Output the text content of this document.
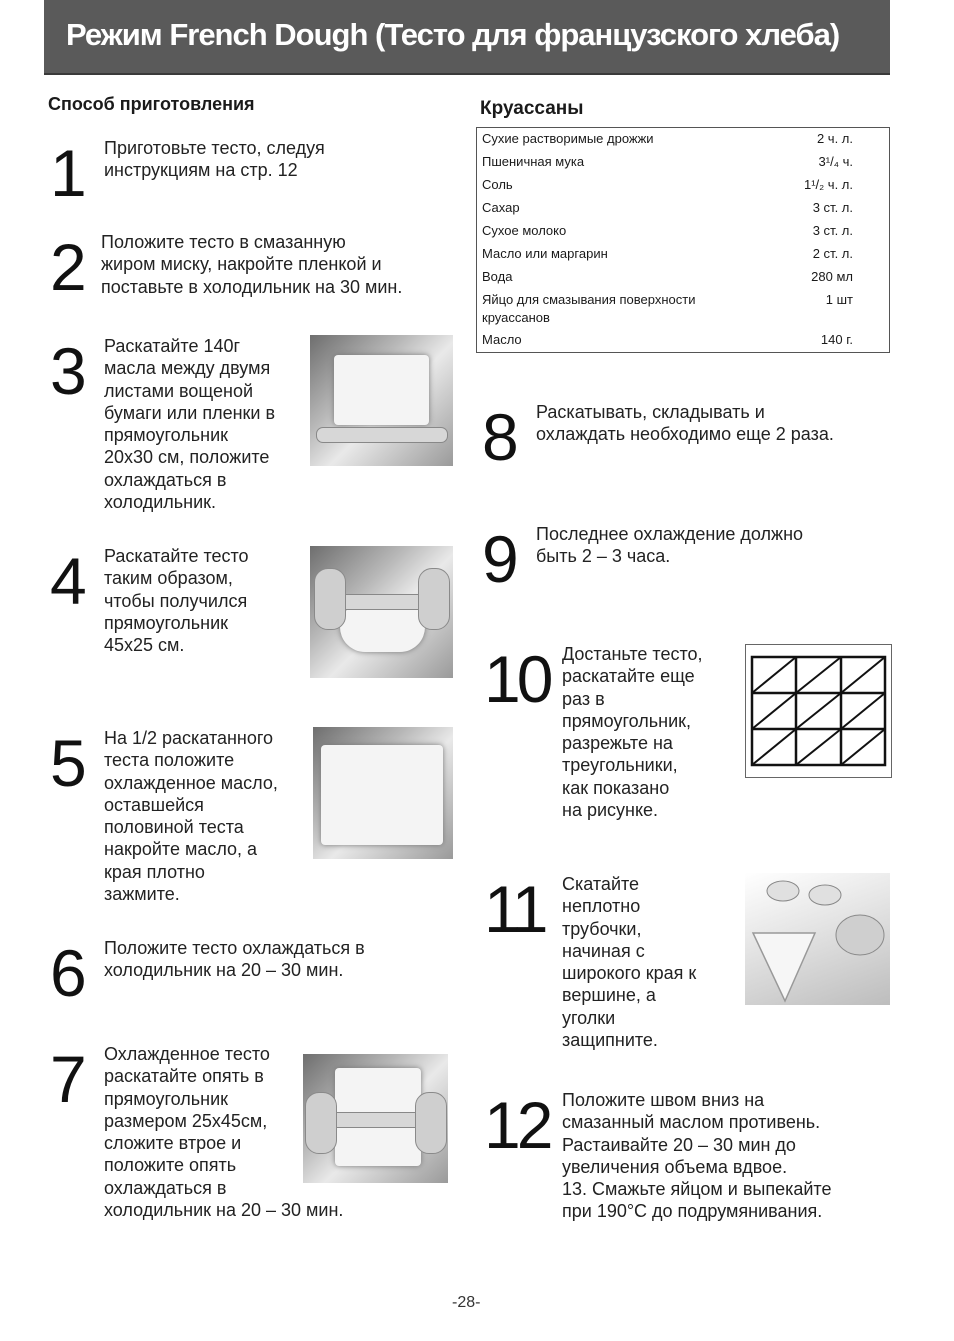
Режим French Dough (Тесто для французского хлеба)
Способ приготовления	Круассаны
Сухие растворимые дрожжи	2 ч. л.
Пшеничная мука	3¹/₄ ч.
Соль	1¹/₂ ч. л.
Сахар	3 ст. л.
Сухое молоко	3 ст. л.
Масло или маргарин	2 ст. л.
Вода	280 мл
Яйцо для смазывания поверхности круассанов	1 шт
Масло	140 г.
1 Приготовьте тесто, следуя
инструкциям на стр. 12
2 Положите тесто в смазанную
жиром миску, накройте пленкой и
поставьте в холодильник на 30 мин.
3 Раскатайте 140г
масла между двумя
листами вощеной
бумаги или пленки в
прямоугольник
20x30 см, положите
охлаждаться в
холодильник.
4 Раскатайте тесто
таким образом,
чтобы получился
прямоугольник
45x25 см.
5 На 1/2 раскатанного
теста положите
охлажденное масло,
оставшейся
половиной теста
накройте масло, а
края плотно
зажмите.
6 Положите тесто охлаждаться в
холодильник на 20 – 30 мин.
7 Охлажденное тесто
раскатайте опять в
прямоугольник
размером 25x45см,
сложите втрое и
положите опять
охлаждаться в
холодильник на 20 – 30 мин.
8 Раскатывать, складывать и
охлаждать необходимо еще 2 раза.
9 Последнее охлаждение должно
быть 2 – 3 часа.
10 Достаньте тесто,
раскатайте еще
раз в
прямоугольник,
разрежьте на
треугольники,
как показано
на рисунке.
11 Скатайте
неплотно
трубочки,
начиная с
широкого края к
вершине, а
уголки
защипните.
12 Положите швом вниз на
смазанный маслом противень.
Растаивайте 20 – 30 мин до
увеличения объема вдвое.
13. Смажьте яйцом и выпекайте
при 190°C до подрумянивания.
-28-
